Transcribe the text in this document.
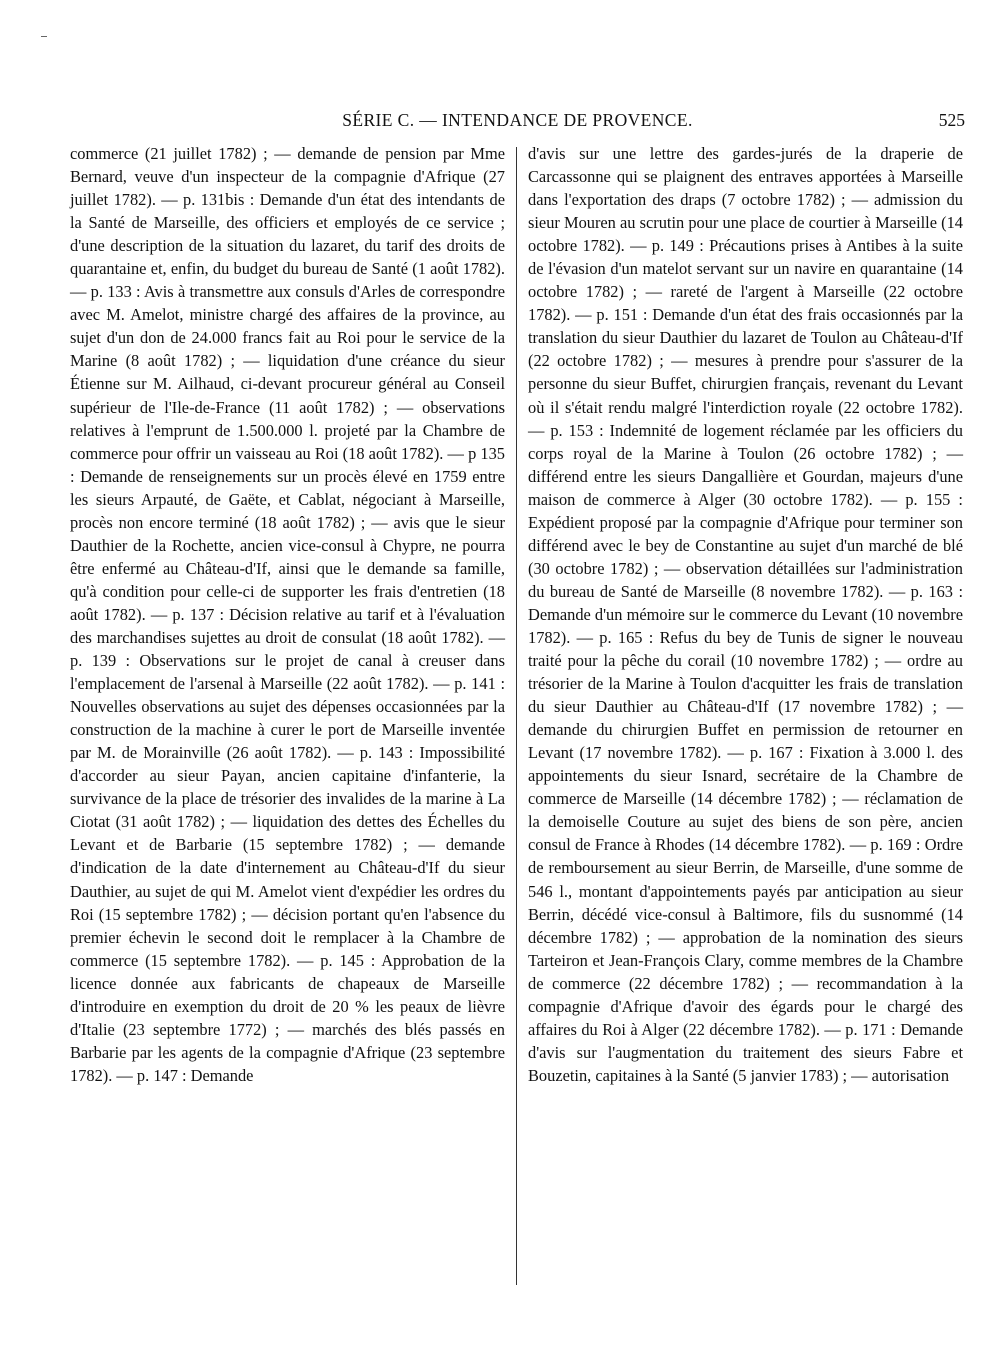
SÉRIE C. — INTENDANCE DE PROVENCE.	525
commerce (21 juillet 1782) ; — demande de pension par Mme Bernard, veuve d'un inspecteur de la compagnie d'Afrique (27 juillet 1782). — p. 131bis : Demande d'un état des intendants de la Santé de Marseille, des officiers et employés de ce service ; d'une description de la situation du lazaret, du tarif des droits de quarantaine et, enfin, du budget du bureau de Santé (1 août 1782). — p. 133 : Avis à transmettre aux consuls d'Arles de correspondre avec M. Amelot, ministre chargé des affaires de la province, au sujet d'un don de 24.000 francs fait au Roi pour le service de la Marine (8 août 1782) ; — liquidation d'une créance du sieur Étienne sur M. Ailhaud, ci-devant procureur général au Conseil supérieur de l'Ile-de-France (11 août 1782) ; — observations relatives à l'emprunt de 1.500.000 l. projeté par la Chambre de commerce pour offrir un vaisseau au Roi (18 août 1782). — p 135 : Demande de renseignements sur un procès élevé en 1759 entre les sieurs Arpauté, de Gaëte, et Cablat, négociant à Marseille, procès non encore terminé (18 août 1782) ; — avis que le sieur Dauthier de la Rochette, ancien vice-consul à Chypre, ne pourra être enfermé au Château-d'If, ainsi que le demande sa famille, qu'à condition pour celle-ci de supporter les frais d'entretien (18 août 1782). — p. 137 : Décision relative au tarif et à l'évaluation des marchandises sujettes au droit de consulat (18 août 1782). — p. 139 : Observations sur le projet de canal à creuser dans l'emplacement de l'arsenal à Marseille (22 août 1782). — p. 141 : Nouvelles observations au sujet des dépenses occasionnées par la construction de la machine à curer le port de Marseille inventée par M. de Morainville (26 août 1782). — p. 143 : Impossibilité d'accorder au sieur Payan, ancien capitaine d'infanterie, la survivance de la place de trésorier des invalides de la marine à La Ciotat (31 août 1782) ; — liquidation des dettes des Échelles du Levant et de Barbarie (15 septembre 1782) ; — demande d'indication de la date d'internement au Château-d'If du sieur Dauthier, au sujet de qui M. Amelot vient d'expédier les ordres du Roi (15 septembre 1782) ; — décision portant qu'en l'absence du premier échevin le second doit le remplacer à la Chambre de commerce (15 septembre 1782). — p. 145 : Approbation de la licence donnée aux fabricants de chapeaux de Marseille d'introduire en exemption du droit de 20 % les peaux de lièvre d'Italie (23 septembre 1772) ; — marchés des blés passés en Barbarie par les agents de la compagnie d'Afrique (23 septembre 1782). — p. 147 : Demande
d'avis sur une lettre des gardes-jurés de la draperie de Carcassonne qui se plaignent des entraves apportées à Marseille dans l'exportation des draps (7 octobre 1782) ; — admission du sieur Mouren au scrutin pour une place de courtier à Marseille (14 octobre 1782). — p. 149 : Précautions prises à Antibes à la suite de l'évasion d'un matelot servant sur un navire en quarantaine (14 octobre 1782) ; — rareté de l'argent à Marseille (22 octobre 1782). — p. 151 : Demande d'un état des frais occasionnés par la translation du sieur Dauthier du lazaret de Toulon au Château-d'If (22 octobre 1782) ; — mesures à prendre pour s'assurer de la personne du sieur Buffet, chirurgien français, revenant du Levant où il s'était rendu malgré l'interdiction royale (22 octobre 1782). — p. 153 : Indemnité de logement réclamée par les officiers du corps royal de la Marine à Toulon (26 octobre 1782) ; — différend entre les sieurs Dangallière et Gourdan, majeurs d'une maison de commerce à Alger (30 octobre 1782). — p. 155 : Expédient proposé par la compagnie d'Afrique pour terminer son différend avec le bey de Constantine au sujet d'un marché de blé (30 octobre 1782) ; — observation détaillées sur l'administration du bureau de Santé de Marseille (8 novembre 1782). — p. 163 : Demande d'un mémoire sur le commerce du Levant (10 novembre 1782). — p. 165 : Refus du bey de Tunis de signer le nouveau traité pour la pêche du corail (10 novembre 1782) ; — ordre au trésorier de la Marine à Toulon d'acquitter les frais de translation du sieur Dauthier au Château-d'If (17 novembre 1782) ; — demande du chirurgien Buffet en permission de retourner en Levant (17 novembre 1782). — p. 167 : Fixation à 3.000 l. des appointements du sieur Isnard, secrétaire de la Chambre de commerce de Marseille (14 décembre 1782) ; — réclamation de la demoiselle Couture au sujet des biens de son père, ancien consul de France à Rhodes (14 décembre 1782). — p. 169 : Ordre de remboursement au sieur Berrin, de Marseille, d'une somme de 546 l., montant d'appointements payés par anticipation au sieur Berrin, décédé vice-consul à Baltimore, fils du susnommé (14 décembre 1782) ; — approbation de la nomination des sieurs Tarteiron et Jean-François Clary, comme membres de la Chambre de commerce (22 décembre 1782) ; — recommandation à la compagnie d'Afrique d'avoir des égards pour le chargé des affaires du Roi à Alger (22 décembre 1782). — p. 171 : Demande d'avis sur l'augmentation du traitement des sieurs Fabre et Bouzetin, capitaines à la Santé (5 janvier 1783) ; — autorisation
